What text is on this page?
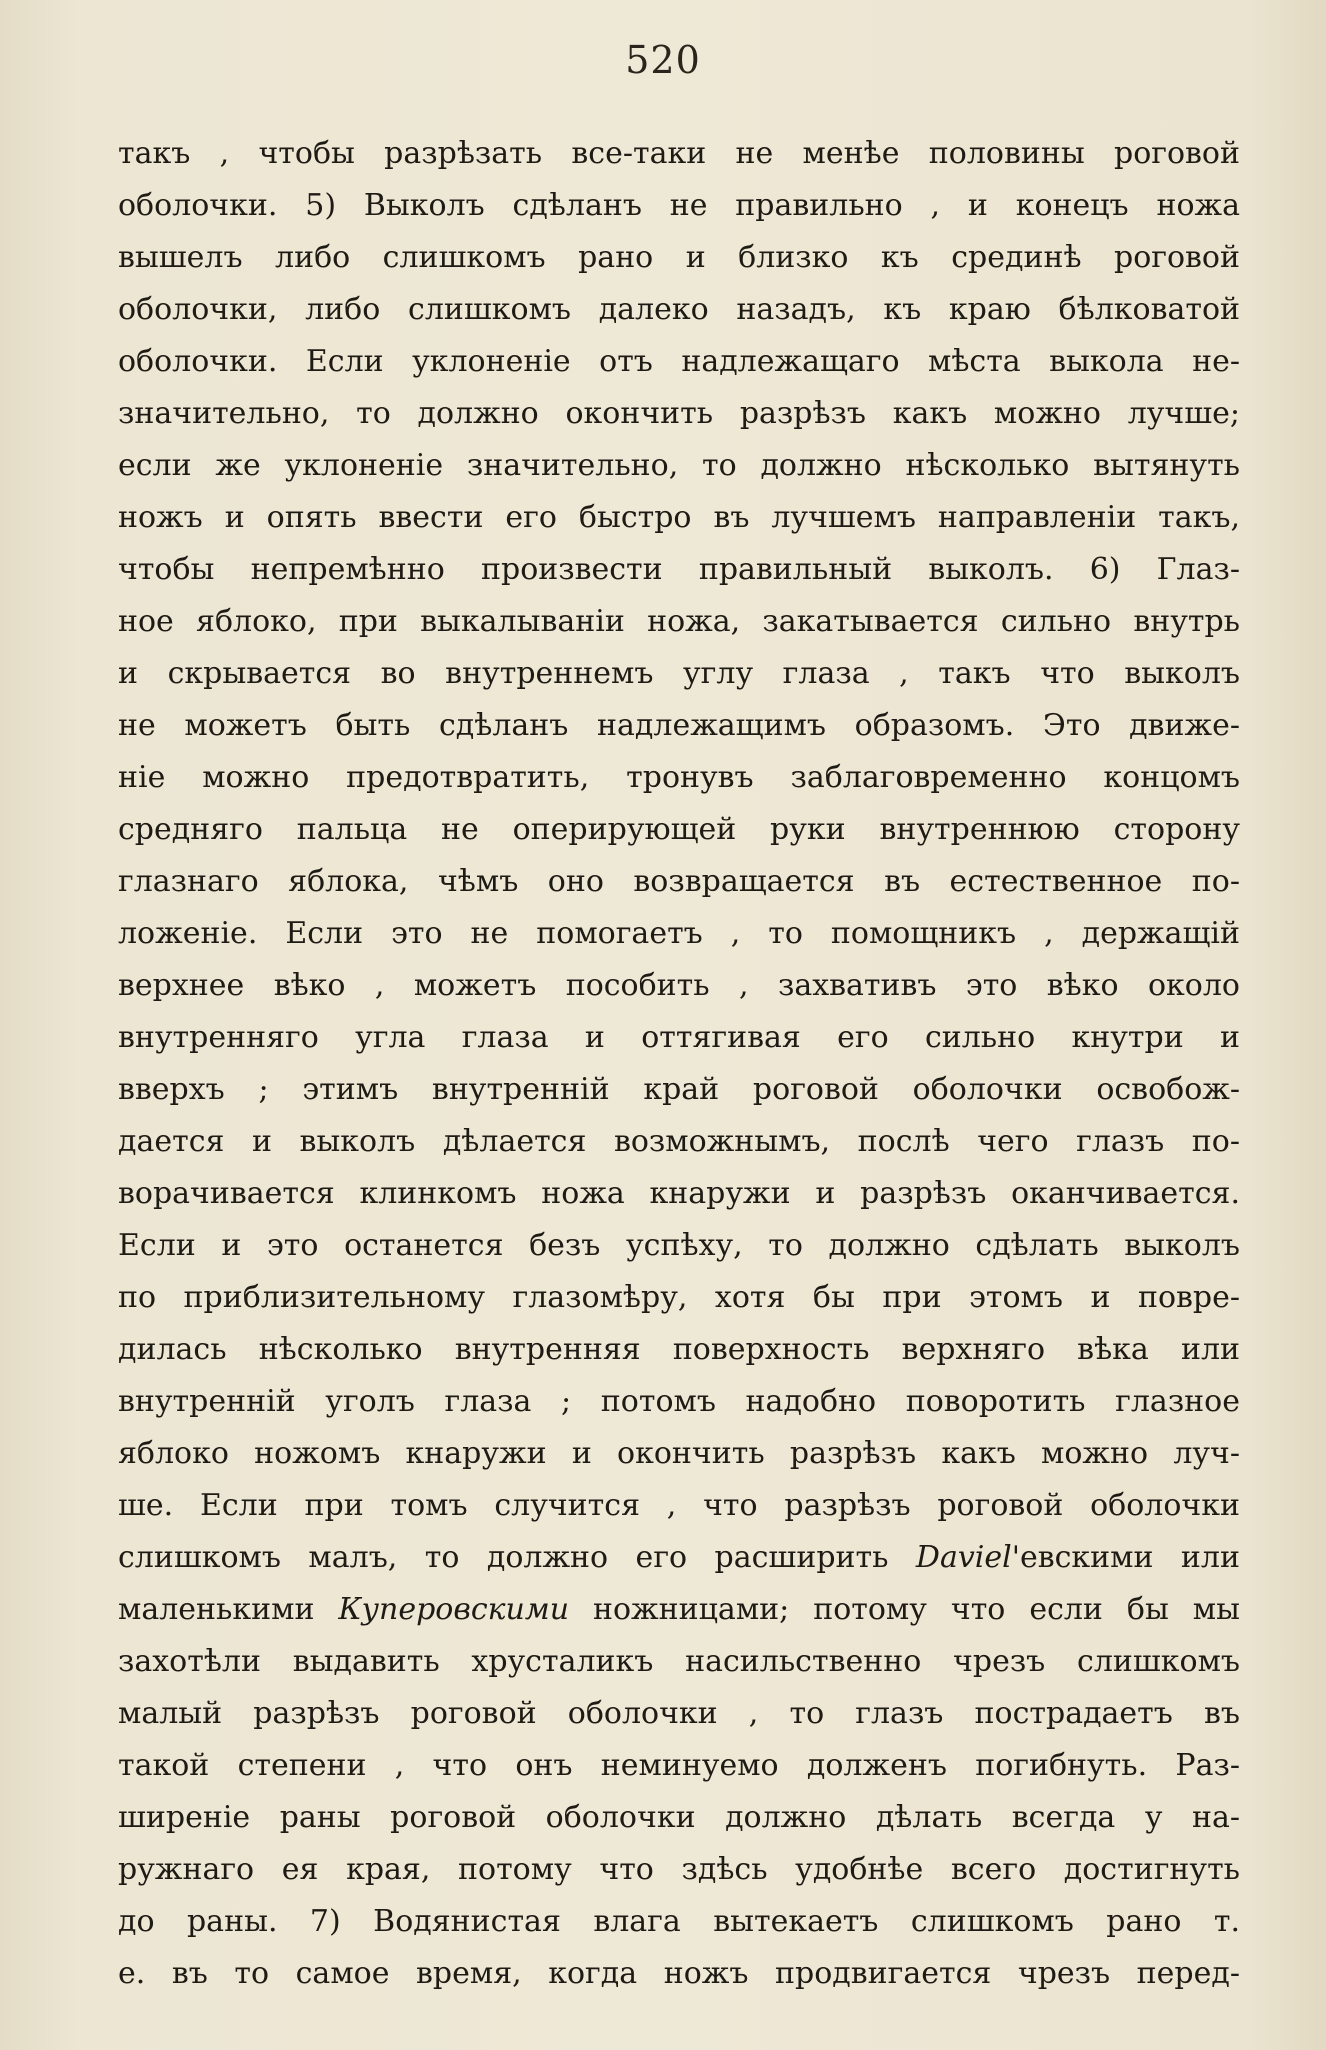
520
такъ , чтобы разрѣзать все-таки не менѣе половины роговой
оболочки. 5) Выколъ сдѣланъ не правильно , и конецъ ножа
вышелъ либо слишкомъ рано и близко къ срединѣ роговой
оболочки, либо слишкомъ далеко назадъ, къ краю бѣлковатой
оболочки. Если уклоненіе отъ надлежащаго мѣста выкола не-
значительно, то должно окончить разрѣзъ какъ можно лучше;
если же уклоненіе значительно, то должно нѣсколько вытянуть
ножъ и опять ввести его быстро въ лучшемъ направленіи такъ,
чтобы непремѣнно произвести правильный выколъ. 6) Глаз-
ное яблоко, при выкалываніи ножа, закатывается сильно внутрь
и скрывается во внутреннемъ углу глаза , такъ что выколъ
не можетъ быть сдѣланъ надлежащимъ образомъ. Это движе-
ніе можно предотвратить, тронувъ заблаговременно концомъ
средняго пальца не оперирующей руки внутреннюю сторону
глазнаго яблока, чѣмъ оно возвращается въ естественное по-
ложеніе. Если это не помогаетъ , то помощникъ , держащій
верхнее вѣко , можетъ пособить , захвативъ это вѣко около
внутренняго угла глаза и оттягивая его сильно кнутри и
вверхъ ; этимъ внутренній край роговой оболочки освобож-
дается и выколъ дѣлается возможнымъ, послѣ чего глазъ по-
ворачивается клинкомъ ножа кнаружи и разрѣзъ оканчивается.
Если и это останется безъ успѣху, то должно сдѣлать выколъ
по приблизительному глазомѣру, хотя бы при этомъ и повре-
дилась нѣсколько внутренняя поверхность верхняго вѣка или
внутренній уголъ глаза ; потомъ надобно поворотить глазное
яблоко ножомъ кнаружи и окончить разрѣзъ какъ можно луч-
ше. Если при томъ случится , что разрѣзъ роговой оболочки
слишкомъ малъ, то должно его расширить Daviel'евскими или
маленькими Куперовскими ножницами; потому что если бы мы
захотѣли выдавить хрусталикъ насильственно чрезъ слишкомъ
малый разрѣзъ роговой оболочки , то глазъ пострадаетъ въ
такой степени , что онъ неминуемо долженъ погибнуть. Раз-
ширеніе раны роговой оболочки должно дѣлать всегда у на-
ружнаго ея края, потому что здѣсь удобнѣе всего достигнуть
до раны. 7) Водянистая влага вытекаетъ слишкомъ рано т.
е. въ то самое время, когда ножъ продвигается чрезъ перед-
